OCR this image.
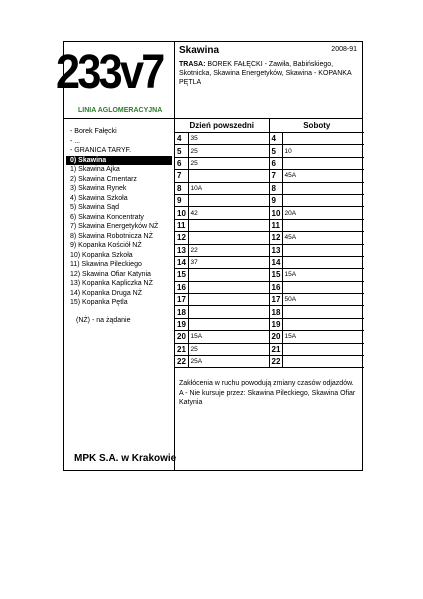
233v7
LINIA AGLOMERACYJNA
- Borek Fałęcki
- ...
- GRANICA TARYF.
0) Skawina
1) Skawina Ajka
2) Skawina Cmentarz
3) Skawina Rynek
4) Skawina Szkoła
5) Skawina Sąd
6) Skawina Koncentraty
7) Skawina Energetyków NŻ
8) Skawina Robotnicza NŻ
9) Kopanka Kościół NŻ
10) Kopanka Szkoła
11) Skawina Pileckiego
12) Skawina Ofiar Katynia
13) Kopanka Kapliczka NŻ
14) Kopanka Druga NŻ
15) Kopanka Pętla
(NŻ) - na żądanie
MPK S.A. w Krakowie
Skawina	2008-91
TRASA: BOREK FAŁĘCKI - Zawiła, Babińskiego, Skotnicka, Skawina Energetyków, Skawina - KOPANKA PĘTLA
Dzień powszedni		Soboty	
4	35	4	
5	25	5	10
6	25	6	
7		7	45A
8	10A	8	
9		9	
10	42	10	20A
11		11	
12		12	45A
13	22	13	
14	37	14	
15		15	15A
16		16	
17		17	50A
18		18	
19		19	
20	15A	20	15A
21	25	21	
22	25A	22	
Zakłócenia w ruchu powodują zmiany czasów odjazdów.
A - Nie kursuje przez: Skawina Pileckiego, Skawina Ofiar Katynia
